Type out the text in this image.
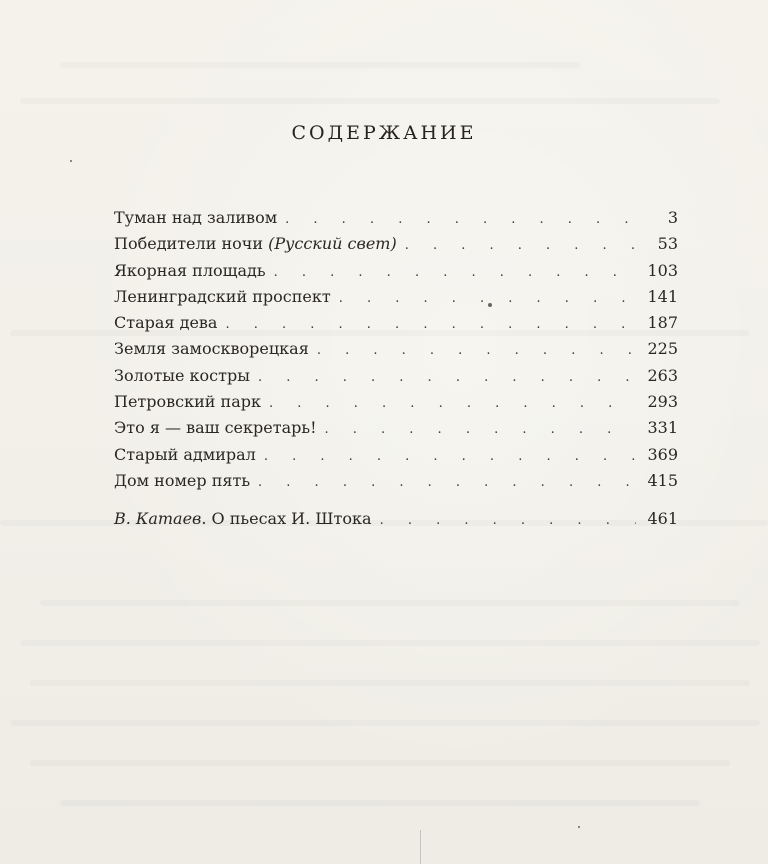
СОДЕРЖАНИЕ
Туман над заливом . . .	3
Победители ночи (Русский свет) . . .	53
Якорная площадь . . .	103
Ленинградский проспект . . .	141
Старая дева . . .	187
Земля замоскворецкая . . .	225
Золотые костры . . .	263
Петровский парк . . .	293
Это я — ваш секретарь! . . .	331
Старый адмирал . . .	369
Дом номер пять . . .	415
В. Катаев. О пьесах И. Штока . . .	461
